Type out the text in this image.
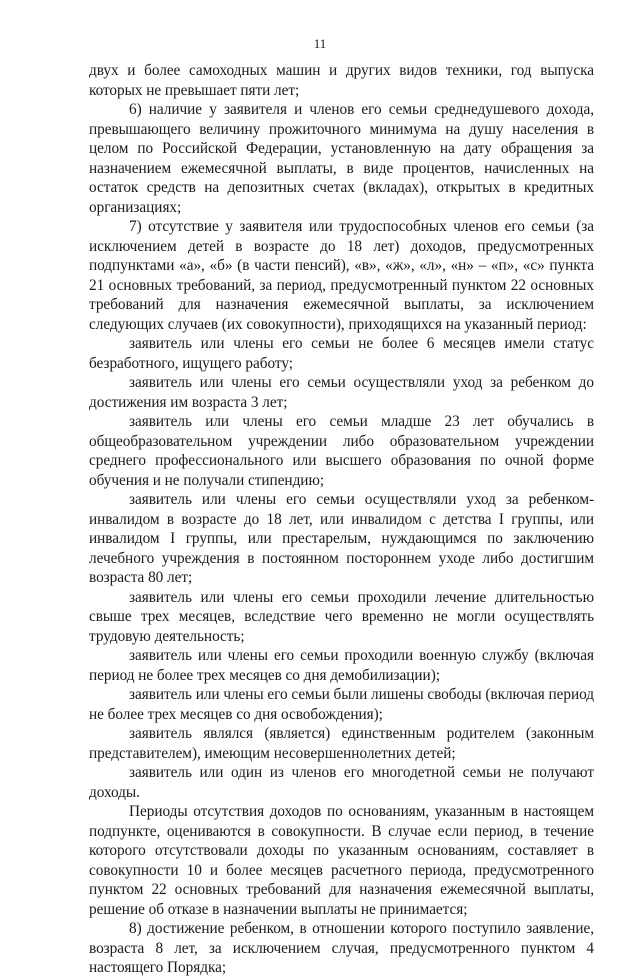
11

двух и более самоходных машин и других видов техники, год выпуска которых не превышает пяти лет;

6) наличие у заявителя и членов его семьи среднедушевого дохода, превышающего величину прожиточного минимума на душу населения в целом по Российской Федерации, установленную на дату обращения за назначением ежемесячной выплаты, в виде процентов, начисленных на остаток средств на депозитных счетах (вкладах), открытых в кредитных организациях;

7) отсутствие у заявителя или трудоспособных членов его семьи (за исключением детей в возрасте до 18 лет) доходов, предусмотренных подпунктами «а», «б» (в части пенсий), «в», «ж», «л», «н» – «п», «с» пункта 21 основных требований, за период, предусмотренный пунктом 22 основных требований для назначения ежемесячной выплаты, за исключением следующих случаев (их совокупности), приходящихся на указанный период:

заявитель или члены его семьи не более 6 месяцев имели статус безработного, ищущего работу;

заявитель или члены его семьи осуществляли уход за ребенком до достижения им возраста 3 лет;

заявитель или члены его семьи младше 23 лет обучались в общеобразовательном учреждении либо образовательном учреждении среднего профессионального или высшего образования по очной форме обучения и не получали стипендию;

заявитель или члены его семьи осуществляли уход за ребенком-инвалидом в возрасте до 18 лет, или инвалидом с детства I группы, или инвалидом I группы, или престарелым, нуждающимся по заключению лечебного учреждения в постоянном постороннем уходе либо достигшим возраста 80 лет;

заявитель или члены его семьи проходили лечение длительностью свыше трех месяцев, вследствие чего временно не могли осуществлять трудовую деятельность;

заявитель или члены его семьи проходили военную службу (включая период не более трех месяцев со дня демобилизации);

заявитель или члены его семьи были лишены свободы (включая период не более трех месяцев со дня освобождения);

заявитель являлся (является) единственным родителем (законным представителем), имеющим несовершеннолетних детей;

заявитель или один из членов его многодетной семьи не получают доходы.

Периоды отсутствия доходов по основаниям, указанным в настоящем подпункте, оцениваются в совокупности. В случае если период, в течение которого отсутствовали доходы по указанным основаниям, составляет в совокупности 10 и более месяцев расчетного периода, предусмотренного пунктом 22 основных требований для назначения ежемесячной выплаты, решение об отказе в назначении выплаты не принимается;

8) достижение ребенком, в отношении которого поступило заявление, возраста 8 лет, за исключением случая, предусмотренного пунктом 4 настоящего Порядка;
